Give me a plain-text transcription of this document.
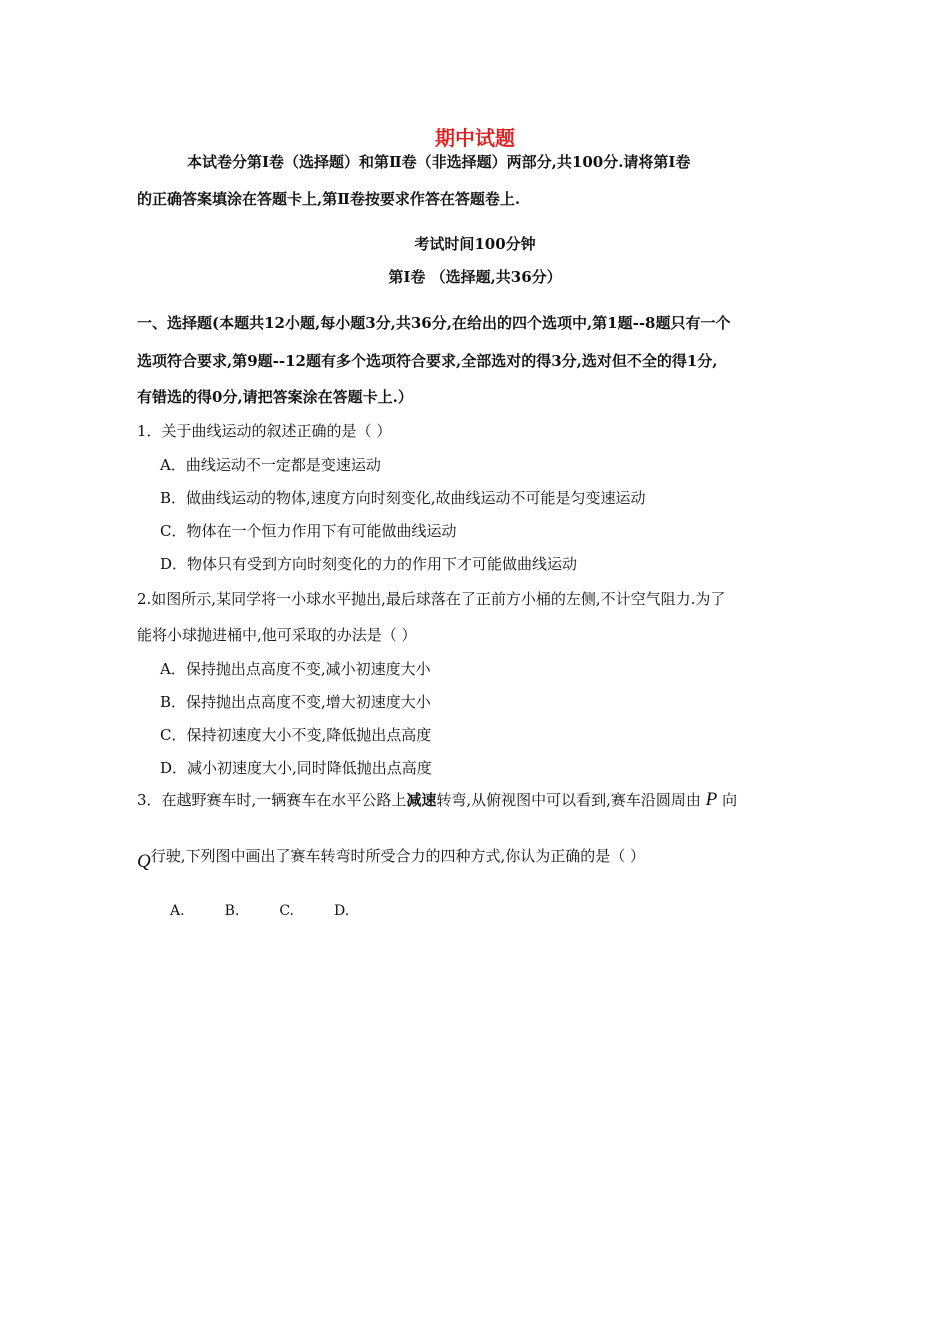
期中试题
本试卷分第Ⅰ卷（选择题）和第Ⅱ卷（非选择题）两部分,共100分.请将第Ⅰ卷
的正确答案填涂在答题卡上,第Ⅱ卷按要求作答在答题卷上.
考试时间100分钟
第Ⅰ卷 （选择题,共36分）
一、选择题(本题共12小题,每小题3分,共36分,在给出的四个选项中,第1题--8题只有一个
选项符合要求,第9题--12题有多个选项符合要求,全部选对的得3分,选对但不全的得1分,
有错选的得0分,请把答案涂在答题卡上.）
1．关于曲线运动的叙述正确的是（ ）
A．曲线运动不一定都是变速运动
B．做曲线运动的物体,速度方向时刻变化,故曲线运动不可能是匀变速运动
C．物体在一个恒力作用下有可能做曲线运动
D．物体只有受到方向时刻变化的力的作用下才可能做曲线运动
2.如图所示,某同学将一小球水平抛出,最后球落在了正前方小桶的左侧,不计空气阻力.为了
能将小球抛进桶中,他可采取的办法是（ ）
A．保持抛出点高度不变,减小初速度大小
B．保持抛出点高度不变,增大初速度大小
C．保持初速度大小不变,降低抛出点高度
D．减小初速度大小,同时降低抛出点高度
3．在越野赛车时,一辆赛车在水平公路上减速转弯,从俯视图中可以看到,赛车沿圆周由 P 向
Q行驶,下列图中画出了赛车转弯时所受合力的四种方式,你认为正确的是（ ）
A.	B.	C.	D.
